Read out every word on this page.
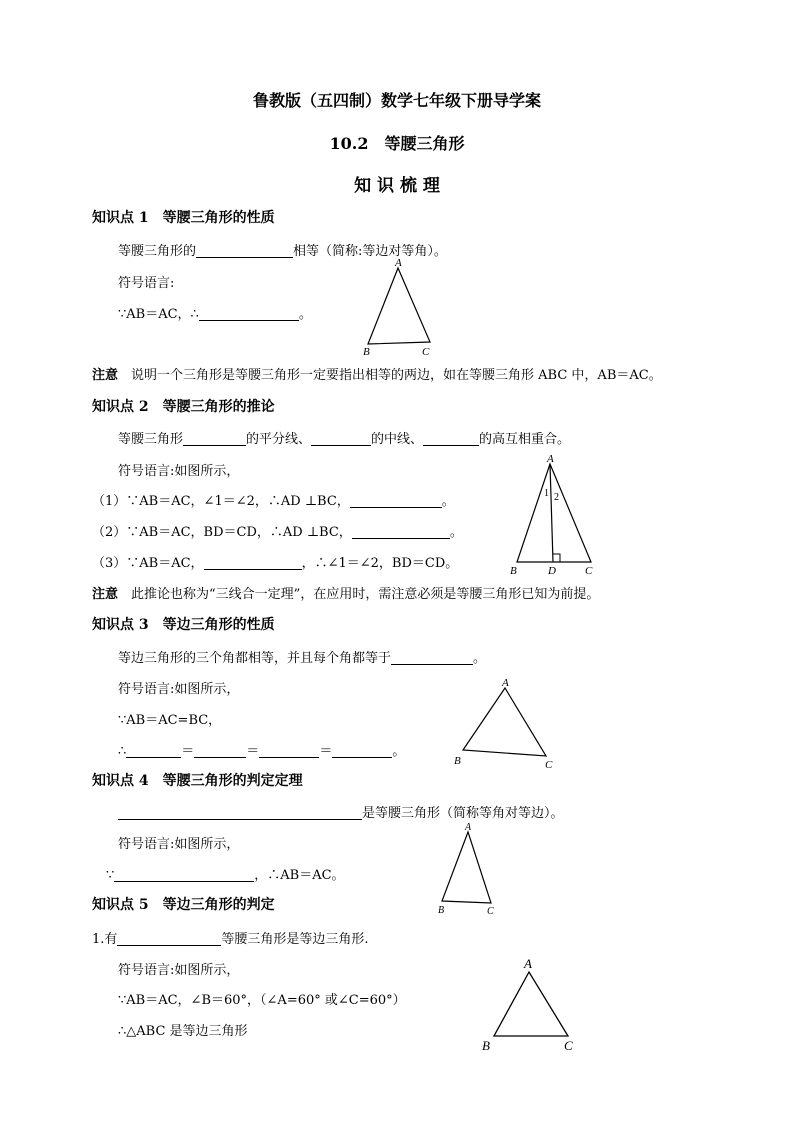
鲁教版（五四制）数学七年级下册导学案
10.2　等腰三角形
知 识 梳 理
知识点 1　等腰三角形的性质
等腰三角形的	相等（简称:等边对等角）。
符号语言:
∵AB＝AC，∴	。
A
B	C
注意　 说明一个三角形是等腰三角形一定要指出相等的两边，如在等腰三角形 ABC 中，AB＝AC。
知识点 2　等腰三角形的推论
等腰三角形	的平分线、	的中线、	的高互相重合。
符号语言:如图所示，
（1）∵AB＝AC，∠1＝∠2，∴AD ⊥BC，	。
（2）∵AB＝AC，BD＝CD，∴AD ⊥BC，	。
（3）∵AB＝AC，	，∴∠1＝∠2，BD＝CD。
A
B	D	C
1 2
注意　 此推论也称为“三线合一定理”，在应用时，需注意必须是等腰三角形已知为前提。
知识点 3　等边三角形的性质
等边三角形的三个角都相等，并且每个角都等于	。
符号语言:如图所示，
∵AB＝AC=BC，
∴	＝	＝	＝	。
A
B	C
知识点 4　等腰三角形的判定定理
是等腰三角形（简称等角对等边）。
符号语言:如图所示，
∵	，∴AB＝AC。
A
B	C
知识点 5　等边三角形的判定
1.有	等腰三角形是等边三角形.
符号语言:如图所示，
∵AB＝AC，∠B＝60°，（∠A=60° 或∠C=60°）
∴△ABC 是等边三角形
A
B	C
